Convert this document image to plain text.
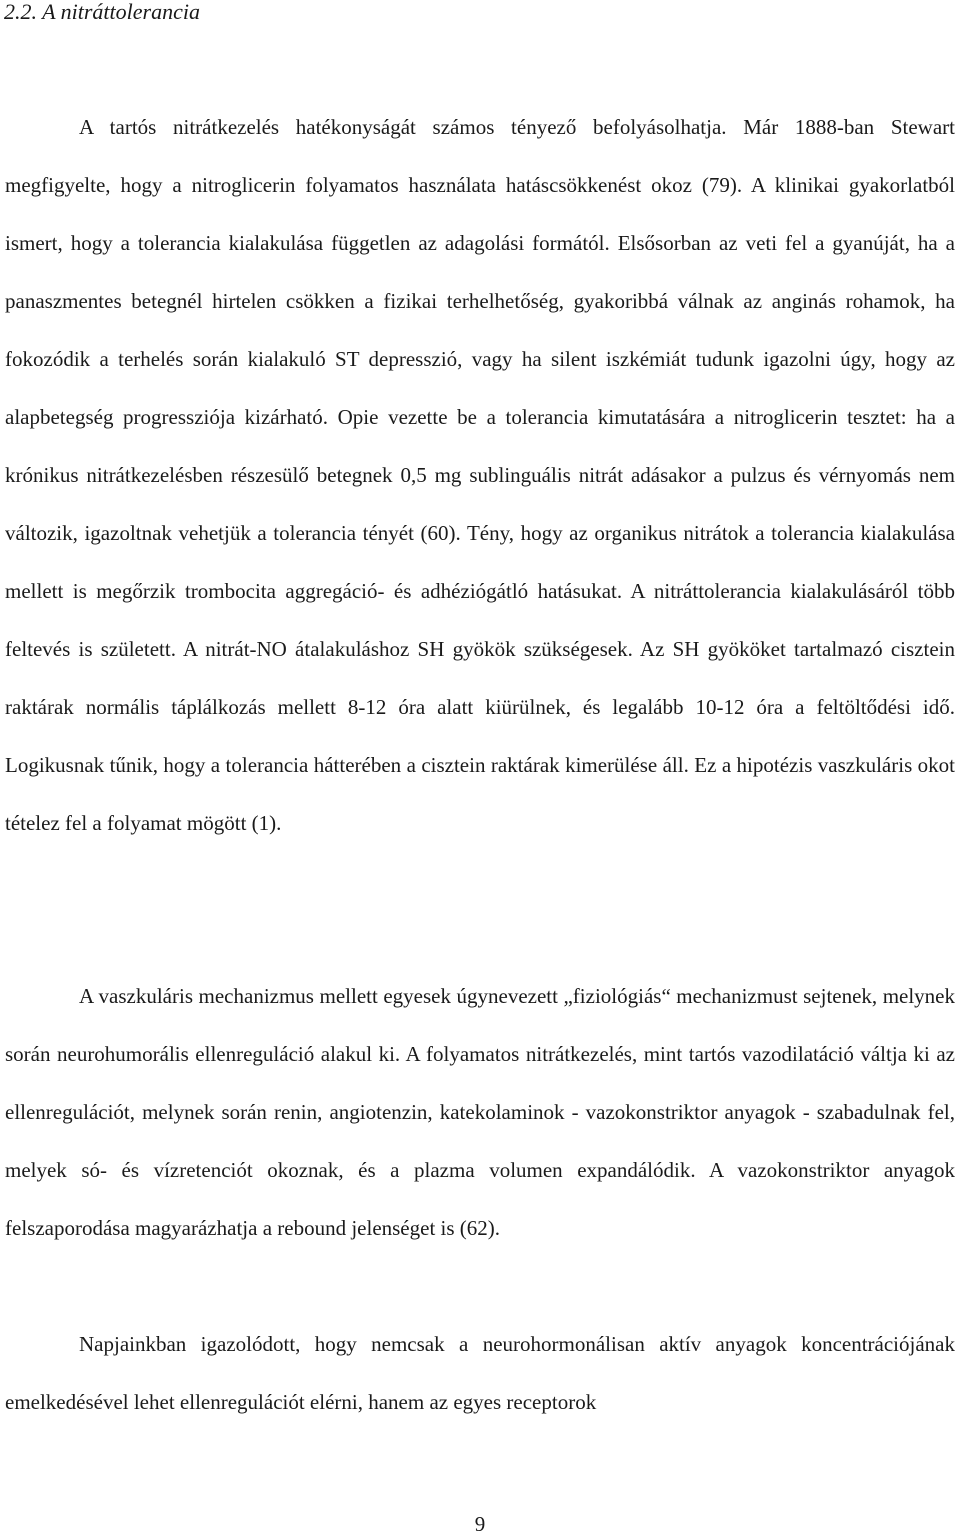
2.2. A nitráttolerancia

A tartós nitrátkezelés hatékonyságát számos tényező befolyásolhatja. Már 1888-ban Stewart megfigyelte, hogy a nitroglicerin folyamatos használata hatáscsökkenést okoz (79). A klinikai gyakorlatból ismert, hogy a tolerancia kialakulása független az adagolási formától. Elsősorban az veti fel a gyanúját, ha a panaszmentes betegnél hirtelen csökken a fizikai terhelhetőség, gyakoribbá válnak az anginás rohamok, ha fokozódik a terhelés során kialakuló ST depresszió, vagy ha silent iszkémiát tudunk igazolni úgy, hogy az alapbetegség progressziója kizárható. Opie vezette be a tolerancia kimutatására a nitroglicerin tesztet: ha a krónikus nitrátkezelésben részesülő betegnek 0,5 mg sublinguális nitrát adásakor a pulzus és vérnyomás nem változik, igazoltnak vehetjük a tolerancia tényét (60). Tény, hogy az organikus nitrátok a tolerancia kialakulása mellett is megőrzik trombocita aggregáció- és adhéziógátló hatásukat. A nitráttolerancia kialakulásáról több feltevés is született. A nitrát-NO átalakuláshoz SH gyökök szükségesek. Az SH gyököket tartalmazó cisztein raktárak normális táplálkozás mellett 8-12 óra alatt kiürülnek, és legalább 10-12 óra a feltöltődési idő. Logikusnak tűnik, hogy a tolerancia hátterében a cisztein raktárak kimerülése áll. Ez a hipotézis vaszkuláris okot tételez fel a folyamat mögött (1).

A vaszkuláris mechanizmus mellett egyesek úgynevezett „fiziológiás“ mechanizmust sejtenek, melynek során neurohumorális ellenreguláció alakul ki. A folyamatos nitrátkezelés, mint tartós vazodilatáció váltja ki az ellenregulációt, melynek során renin, angiotenzin, katekolaminok - vazokonstriktor anyagok - szabadulnak fel, melyek só- és vízretenciót okoznak, és a plazma volumen expandálódik. A vazokonstriktor anyagok felszaporodása magyarázhatja a rebound jelenséget is (62).

Napjainkban igazolódott, hogy nemcsak a neurohormonálisan aktív anyagok koncentrációjának emelkedésével lehet ellenregulációt elérni, hanem az egyes receptorok

9
